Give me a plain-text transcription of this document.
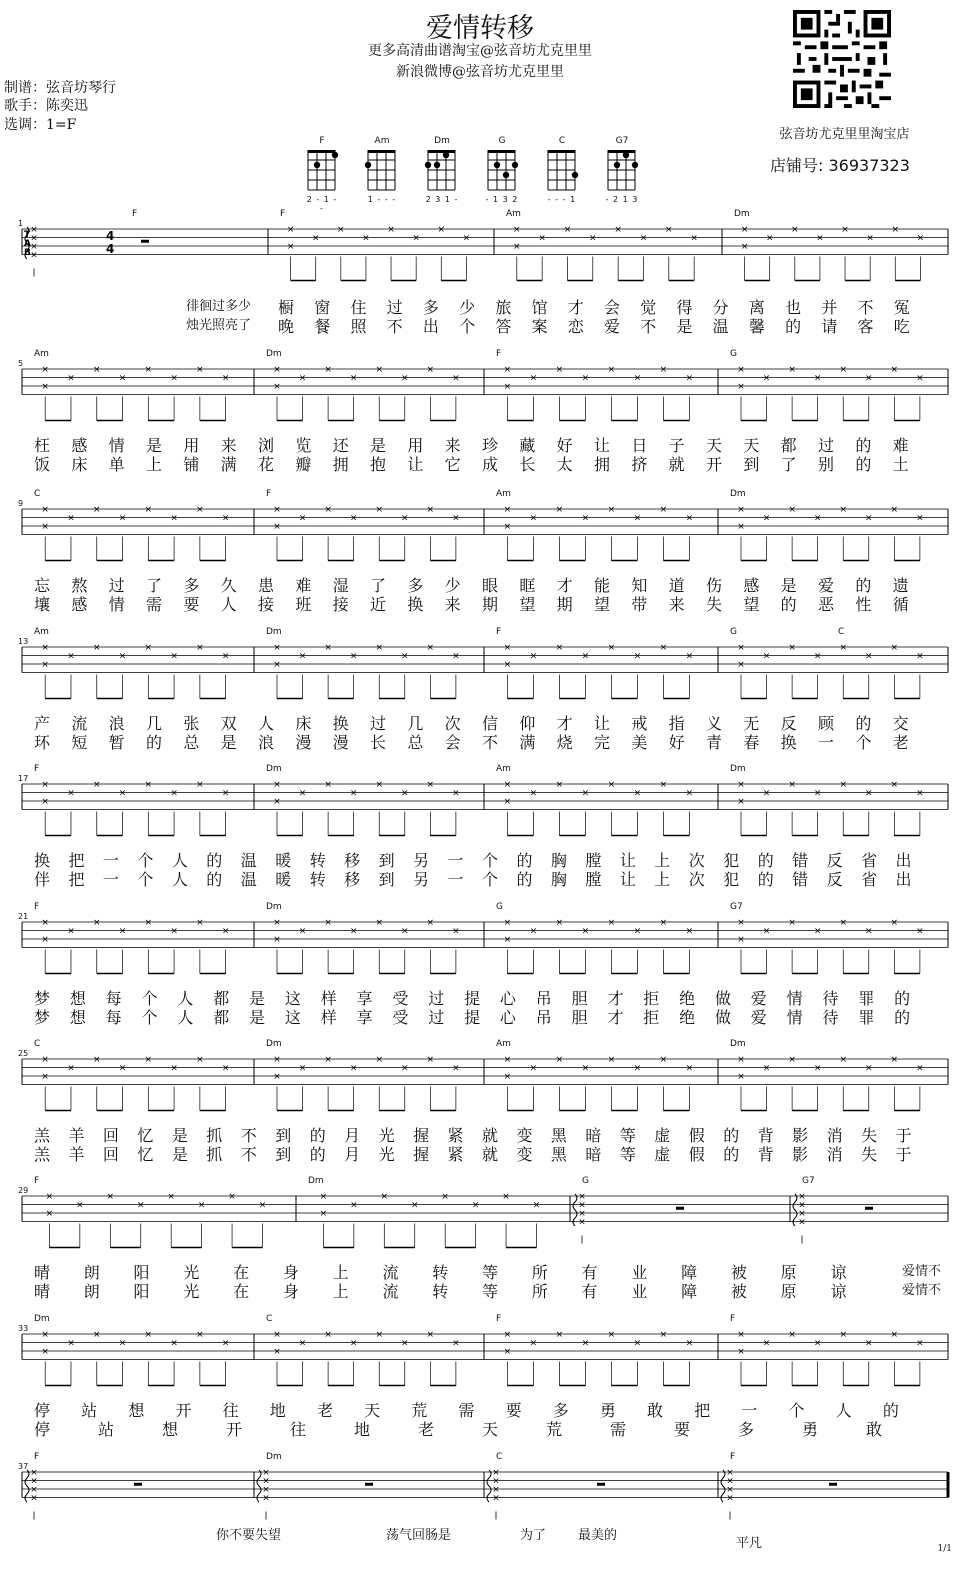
爱情转移
更多高清曲谱淘宝@弦音坊尤克里里
新浪微博@弦音坊尤克里里
制谱：弦音坊琴行
歌手：陈奕迅
选调：1=F
弦音坊尤克里里淘宝店
店铺号: 36937323
F
2 - 1 - -
Am
1 - - -
Dm
2 3 1 -
G
- 1 3 2
C
- - - 1
G7
- 2 1 3
×
×
×
×
×
×
×
×
×
×
×
×
×
×
×
×
×
×
×
×
×
×
×
×
×
×
×
×
×
×
×
T
A
B
4
4
1
F	F	Am	Dm
徘徊过多少 橱 窗 住 过 多 少 旅 馆 才 会 觉 得 分 离 也 并 不 冤
烛光照亮了 晚 餐 照 不 出 个 答 案 恋 爱 不 是 温 馨 的 请 客 吃
×
×
×
×
×
×
×
×
×
×
×
×
×
×
×
×
×
×
×
×
×
×
×
×
×
×
×
×
×
×
×
×
×
×
×
×
5
Am	Dm	F	G
枉 感 情 是 用 来 浏 览 还 是 用 来 珍 藏 好 让 日 子 天 天 都 过 的 难
饭 床 单 上 铺 满 花 瓣 拥 抱 让 它 成 长 太 拥 挤 就 开 到 了 别 的 土
×
×
×
×
×
×
×
×
×
×
×
×
×
×
×
×
×
×
×
×
×
×
×
×
×
×
×
×
×
×
×
×
×
×
×
×
9
C	F	Am	Dm
忘 熬 过 了 多 久 患 难 湿 了 多 少 眼 眶 才 能 知 道 伤 感 是 爱 的 遗
壤 感 情 需 要 人 接 班 接 近 换 来 期 望 期 望 带 来 失 望 的 恶 性 循
×
×
×
×
×
×
×
×
×
×
×
×
×
×
×
×
×
×
×
×
×
×
×
×
×
×
×
×
×
×
×
×
×
×
×
×
13
Am	Dm	F	G	C
产 流 浪 几 张 双 人 床 换 过 几 次 信 仰 才 让 戒 指 义 无 反 顾 的 交
环 短 暂 的 总 是 浪 漫 漫 长 总 会 不 满 烧 完 美 好 青 春 换 一 个 老
×
×
×
×
×
×
×
×
×
×
×
×
×
×
×
×
×
×
×
×
×
×
×
×
×
×
×
×
×
×
×
×
×
×
×
×
17
F	Dm	Am	Dm
换 把 一 个 人 的 温 暖 转 移 到 另 一 个 的 胸 膛 让 上 次 犯 的 错 反 省 出
伴 把 一 个 人 的 温 暖 转 移 到 另 一 个 的 胸 膛 让 上 次 犯 的 错 反 省 出
×
×
×
×
×
×
×
×
×
×
×
×
×
×
×
×
×
×
×
×
×
×
×
×
×
×
×
×
×
×
×
×
×
×
×
×
21
F	Dm	G	G7
梦 想 每 个 人 都 是 这 样 享 受 过 提 心 吊 胆 才 拒 绝 做 爱 情 待 罪 的
梦 想 每 个 人 都 是 这 样 享 受 过 提 心 吊 胆 才 拒 绝 做 爱 情 待 罪 的
×
×
×
×
×
×
×
×
×
×
×
×
×
×
×
×
×
×
×
×
×
×
×
×
×
×
×
×
×
×
×
×
×
×
×
×
25
C	Dm	Am	Dm
羔 羊 回 忆 是 抓 不 到 的 月 光 握 紧 就 变 黑 暗 等 虚 假 的 背 影 消 失 于
羔 羊 回 忆 是 抓 不 到 的 月 光 握 紧 就 变 黑 暗 等 虚 假 的 背 影 消 失 于
×
×
×
×
×
×
×
×
×
×
×
×
×
×
×
×
×
×
×
×
×
×
×
×
×
×
29
F	Dm	G	G7
晴 朗 阳 光 在 身 上 流 转 等 所 有 业 障 被 原 谅	爱情不
晴 朗 阳 光 在 身 上 流 转 等 所 有 业 障 被 原 谅	爱情不
×
×
×
×
×
×
×
×
×
×
×
×
×
×
×
×
×
×
×
×
×
×
×
×
×
×
×
×
×
×
×
×
×
×
×
×
33
Dm	C	F	F
停 站 想 开 往 地 老 天 荒 需 要 多 勇 敢 把 一 个 人 的
停	站	想	开	往	地	老	天	荒	需	要	多	勇	敢
×
×
×
×
×
×
×
×
×
×
×
×
×
×
×
×
37
F	Dm	C	F
你不要失望	荡气回肠是	为了 最美的
平凡	1/1
